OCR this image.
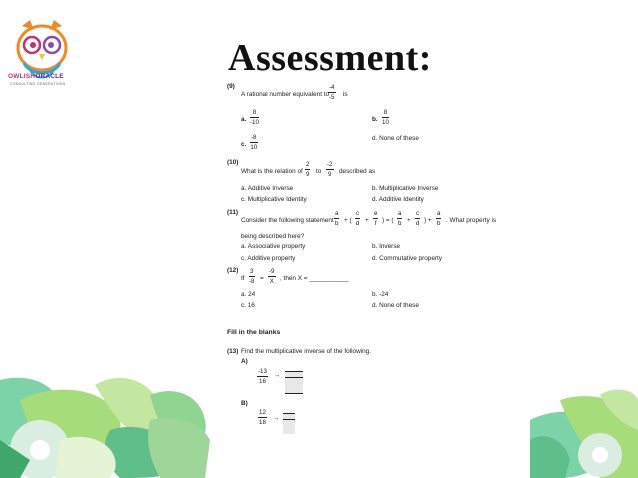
OWLISHORACLE
CONSULTING GENERATIONS
Assessment:
(9)
A rational number equivalent to
$\frac{-4}{-5}$ is
a. $\frac{8}{-10}$	b. $\frac{8}{10}$
c. $\frac{-8}{10}$	d. None of these
(10)
What is the relation of $\frac{2}{9}$ to $\frac{-2}{9}$ described as
a. Additive Inverse	b. Multiplicative Inverse
c. Multiplicative Identity	d. Additive Identity
(11)
Consider the following statement $\frac{a}{b}$ + ( $\frac{c}{d} + \frac{e}{f}$ ) = ( $\frac{a}{b} + \frac{c}{d}$ ) + $\frac{a}{b}$ . What property is
being described here?
a. Associative property	b. Inverse
c. Additive property	d. Commutative property
(12)
If $\frac{3}{-8} = \frac{-9}{X}$ , then X = ___________
a. 24	b. -24
c. 16	d. None of these
Fill in the blanks
(13) Find the multiplicative inverse of the following.
A)
$\frac{-13}{16}$ →
B)
$\frac{12}{18}$ →
